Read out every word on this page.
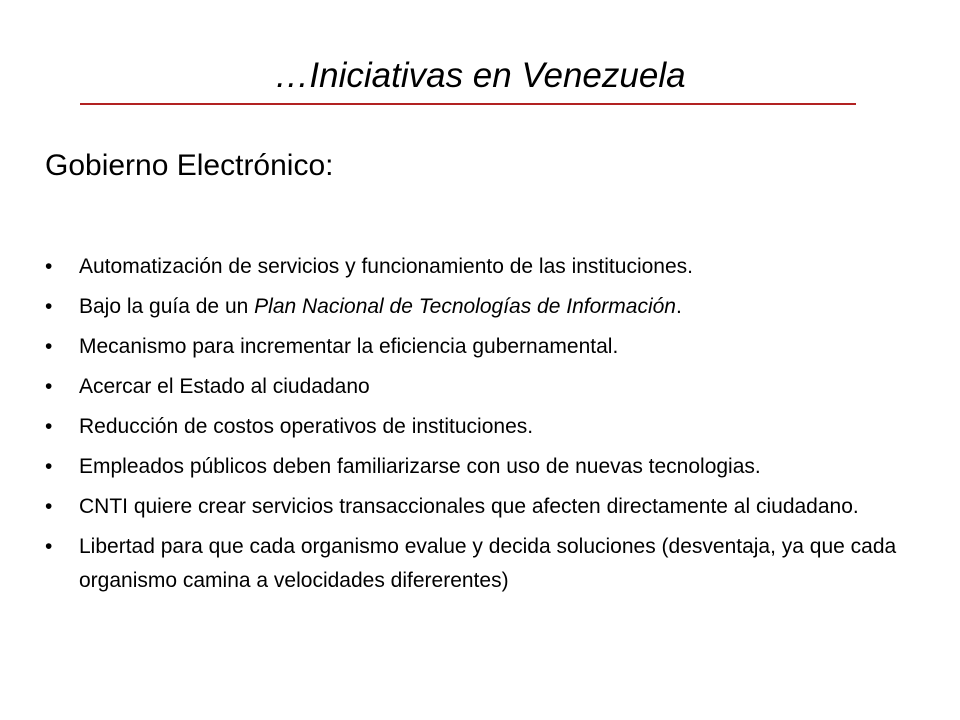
…Iniciativas en Venezuela
Gobierno Electrónico:
• Automatización de servicios y funcionamiento de las instituciones.
• Bajo la guía de un Plan Nacional de Tecnologías de Información.
• Mecanismo para incrementar la eficiencia gubernamental.
• Acercar el Estado al ciudadano
• Reducción de costos operativos de instituciones.
• Empleados públicos deben familiarizarse con uso de nuevas tecnologias.
• CNTI quiere crear servicios transaccionales que afecten directamente al ciudadano.
• Libertad para que cada organismo evalue y decida soluciones (desventaja, ya que cada organismo camina a velocidades difererentes)
